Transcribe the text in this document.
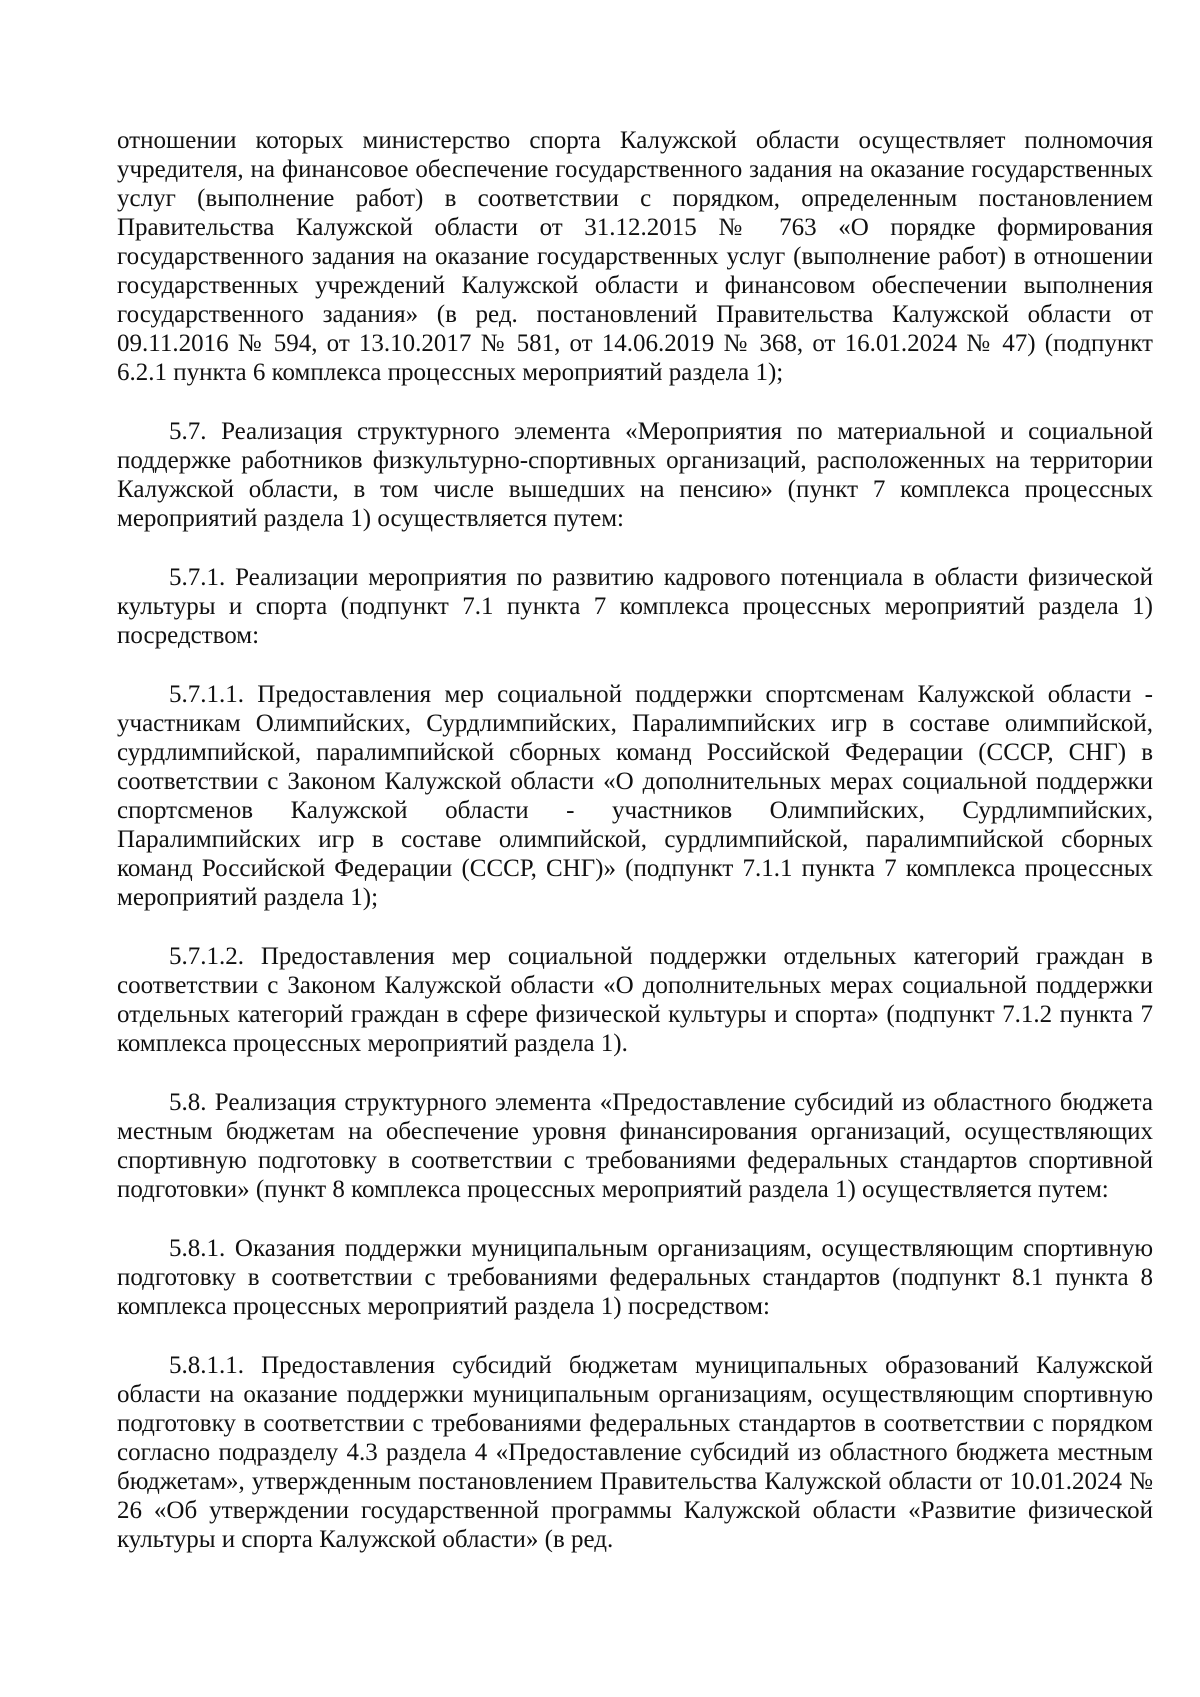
отношении которых министерство спорта Калужской области осуществляет полномочия учредителя, на финансовое обеспечение государственного задания на оказание государственных услуг (выполнение работ) в соответствии с порядком, определенным постановлением Правительства Калужской области от 31.12.2015 № 763 «О порядке формирования государственного задания на оказание государственных услуг (выполнение работ) в отношении государственных учреждений Калужской области и финансовом обеспечении выполнения государственного задания» (в ред. постановлений Правительства Калужской области от 09.11.2016 № 594, от 13.10.2017 № 581, от 14.06.2019 № 368, от 16.01.2024 № 47) (подпункт 6.2.1 пункта 6 комплекса процессных мероприятий раздела 1);

5.7. Реализация структурного элемента «Мероприятия по материальной и социальной поддержке работников физкультурно-спортивных организаций, расположенных на территории Калужской области, в том числе вышедших на пенсию» (пункт 7 комплекса процессных мероприятий раздела 1) осуществляется путем:

5.7.1. Реализации мероприятия по развитию кадрового потенциала в области физической культуры и спорта (подпункт 7.1 пункта 7 комплекса процессных мероприятий раздела 1) посредством:

5.7.1.1. Предоставления мер социальной поддержки спортсменам Калужской области - участникам Олимпийских, Сурдлимпийских, Паралимпийских игр в составе олимпийской, сурдлимпийской, паралимпийской сборных команд Российской Федерации (СССР, СНГ) в соответствии с Законом Калужской области «О дополнительных мерах социальной поддержки спортсменов Калужской области - участников Олимпийских, Сурдлимпийских, Паралимпийских игр в составе олимпийской, сурдлимпийской, паралимпийской сборных команд Российской Федерации (СССР, СНГ)» (подпункт 7.1.1 пункта 7 комплекса процессных мероприятий раздела 1);

5.7.1.2. Предоставления мер социальной поддержки отдельных категорий граждан в соответствии с Законом Калужской области «О дополнительных мерах социальной поддержки отдельных категорий граждан в сфере физической культуры и спорта» (подпункт 7.1.2 пункта 7 комплекса процессных мероприятий раздела 1).

5.8. Реализация структурного элемента «Предоставление субсидий из областного бюджета местным бюджетам на обеспечение уровня финансирования организаций, осуществляющих спортивную подготовку в соответствии с требованиями федеральных стандартов спортивной подготовки» (пункт 8 комплекса процессных мероприятий раздела 1) осуществляется путем:

5.8.1. Оказания поддержки муниципальным организациям, осуществляющим спортивную подготовку в соответствии с требованиями федеральных стандартов (подпункт 8.1 пункта 8 комплекса процессных мероприятий раздела 1) посредством:

5.8.1.1. Предоставления субсидий бюджетам муниципальных образований Калужской области на оказание поддержки муниципальным организациям, осуществляющим спортивную подготовку в соответствии с требованиями федеральных стандартов в соответствии с порядком согласно подразделу 4.3 раздела 4 «Предоставление субсидий из областного бюджета местным бюджетам», утвержденным постановлением Правительства Калужской области от 10.01.2024 № 26 «Об утверждении государственной программы Калужской области «Развитие физической культуры и спорта Калужской области» (в ред.
